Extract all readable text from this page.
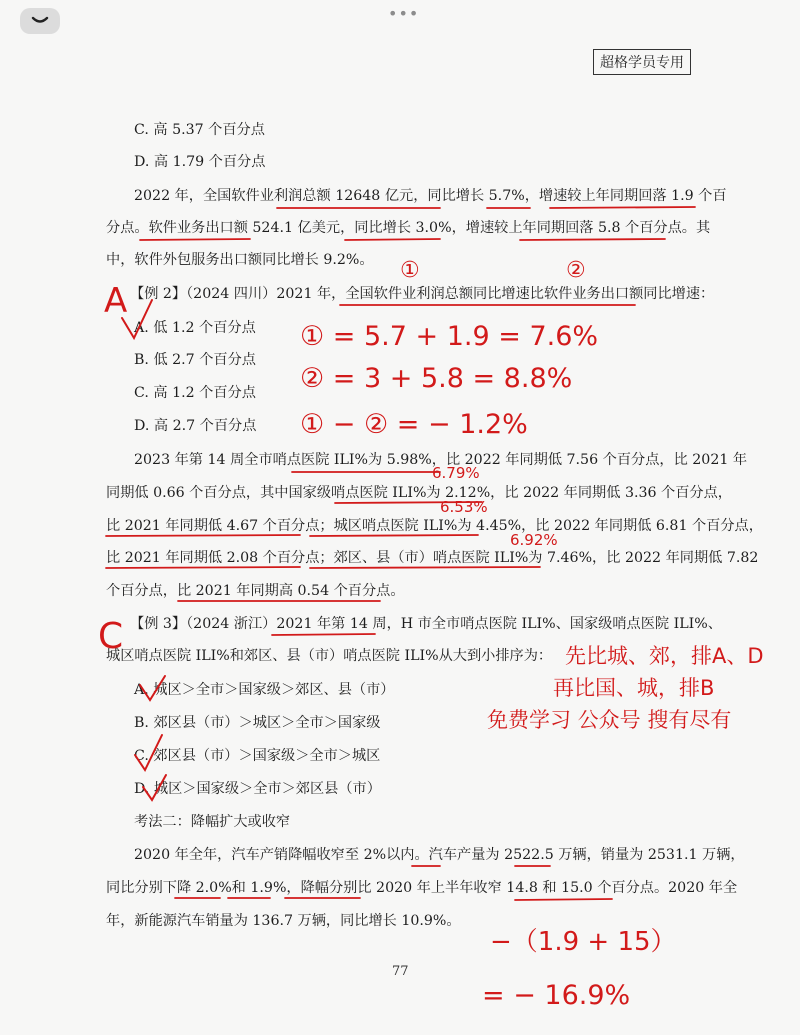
•••
超格学员专用
C. 高 5.37 个百分点
D. 高 1.79 个百分点
2022 年，全国软件业利润总额 12648 亿元，同比增长 5.7%，增速较上年同期回落 1.9 个百
分点。软件业务出口额 524.1 亿美元，同比增长 3.0%，增速较上年同期回落 5.8 个百分点。其
中，软件外包服务出口额同比增长 9.2%。
【例 2】（2024 四川）2021 年，全国软件业利润总额同比增速比软件业务出口额同比增速：
A. 低 1.2 个百分点
B. 低 2.7 个百分点
C. 高 1.2 个百分点
D. 高 2.7 个百分点
2023 年第 14 周全市哨点医院 ILI%为 5.98%，比 2022 年同期低 7.56 个百分点，比 2021 年
同期低 0.66 个百分点，其中国家级哨点医院 ILI%为 2.12%，比 2022 年同期低 3.36 个百分点，
比 2021 年同期低 4.67 个百分点；城区哨点医院 ILI%为 4.45%，比 2022 年同期低 6.81 个百分点，
比 2021 年同期低 2.08 个百分点；郊区、县（市）哨点医院 ILI%为 7.46%，比 2022 年同期低 7.82
个百分点，比 2021 年同期高 0.54 个百分点。
【例 3】（2024 浙江）2021 年第 14 周，H 市全市哨点医院 ILI%、国家级哨点医院 ILI%、
城区哨点医院 ILI%和郊区、县（市）哨点医院 ILI%从大到小排序为：
A. 城区＞全市＞国家级＞郊区、县（市）
B. 郊区县（市）＞城区＞全市＞国家级
C. 郊区县（市）＞国家级＞全市＞城区
D. 城区＞国家级＞全市＞郊区县（市）
考法二：降幅扩大或收窄
2020 年全年，汽车产销降幅收窄至 2%以内。汽车产量为 2522.5 万辆，销量为 2531.1 万辆，
同比分别下降 2.0%和 1.9%，降幅分别比 2020 年上半年收窄 14.8 和 15.0 个百分点。2020 年全
年，新能源汽车销量为 136.7 万辆，同比增长 10.9%。
77
①	②
A
① = 5.7 + 1.9 = 7.6%
② = 3 + 5.8 = 8.8%
① − ② = − 1.2%
6.79%
6.53%
6.92%
C	先比城、郊，排A、D
再比国、城，排B
免费学习 公众号 搜有尽有
−（1.9 + 15）
= − 16.9%
